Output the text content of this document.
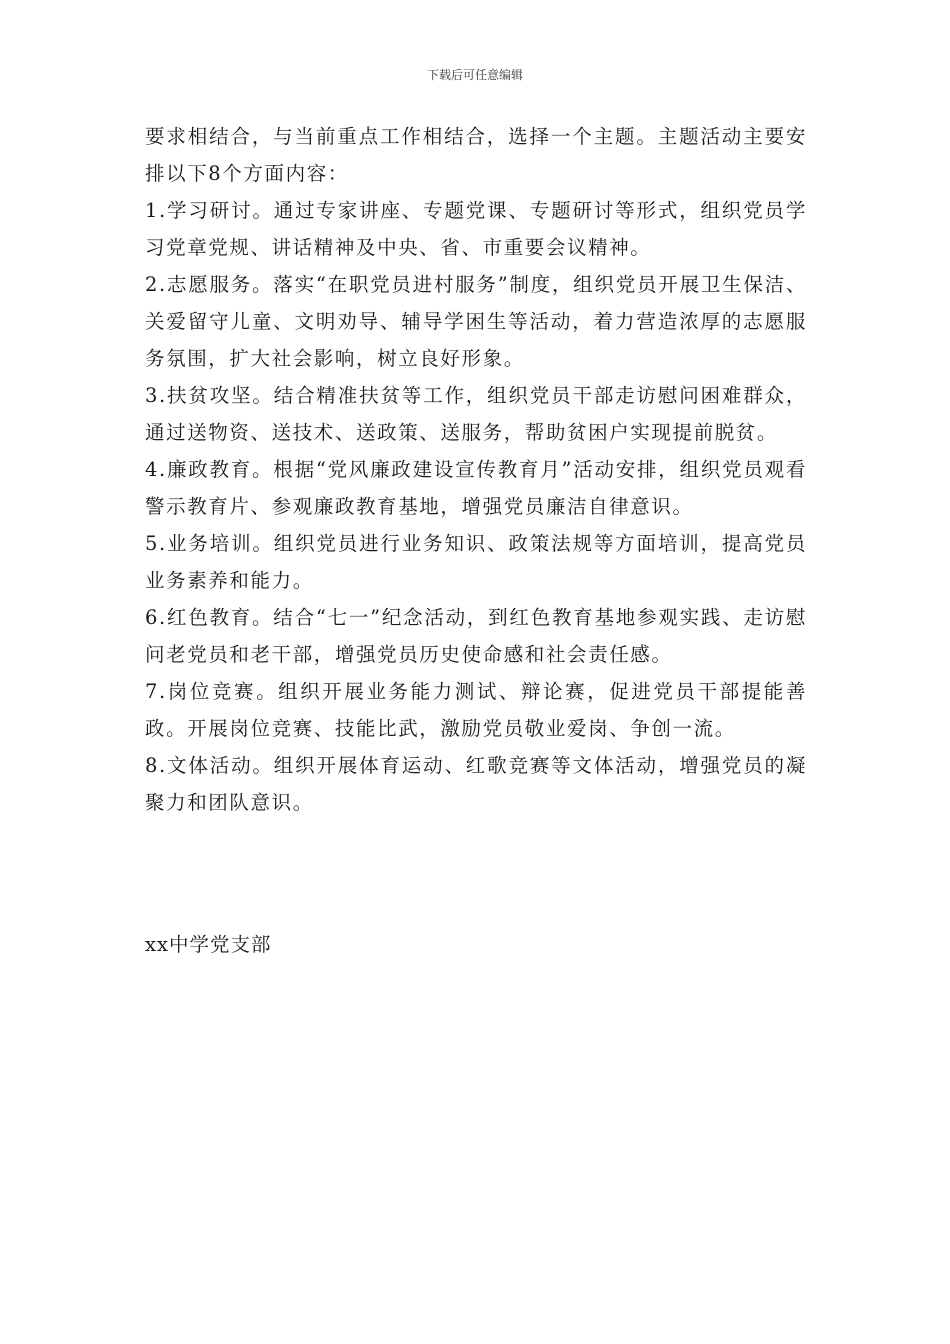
下载后可任意编辑

要求相结合，与当前重点工作相结合，选择一个主题。主题活动主要安排以下8个方面内容：

1.学习研讨。通过专家讲座、专题党课、专题研讨等形式，组织党员学习党章党规、讲话精神及中央、省、市重要会议精神。

2.志愿服务。落实“在职党员进村服务”制度，组织党员开展卫生保洁、关爱留守儿童、文明劝导、辅导学困生等活动，着力营造浓厚的志愿服务氛围，扩大社会影响，树立良好形象。

3.扶贫攻坚。结合精准扶贫等工作，组织党员干部走访慰问困难群众，通过送物资、送技术、送政策、送服务，帮助贫困户实现提前脱贫。

4.廉政教育。根据“党风廉政建设宣传教育月”活动安排，组织党员观看警示教育片、参观廉政教育基地，增强党员廉洁自律意识。

5.业务培训。组织党员进行业务知识、政策法规等方面培训，提高党员业务素养和能力。

6.红色教育。结合“七一”纪念活动，到红色教育基地参观实践、走访慰问老党员和老干部，增强党员历史使命感和社会责任感。

7.岗位竞赛。组织开展业务能力测试、辩论赛，促进党员干部提能善政。开展岗位竞赛、技能比武，激励党员敬业爱岗、争创一流。

8.文体活动。组织开展体育运动、红歌竞赛等文体活动，增强党员的凝聚力和团队意识。

xx中学党支部
